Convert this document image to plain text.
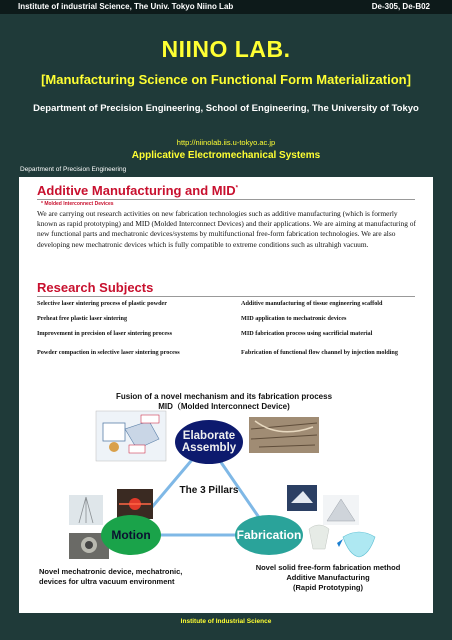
Institute of industrial Science, The Univ. Tokyo Niino Lab	De-305, De-B02
NIINO LAB.
[Manufacturing Science on Functional Form Materialization]
Department of Precision Engineering, School of Engineering, The University of Tokyo
http://niinolab.iis.u-tokyo.ac.jp
Applicative Electromechanical Systems
Department of Precision Engineering
Additive Manufacturing and MID*
* Molded Interconnect Devices
We are carrying out research activities on new fabrication technologies such as additive manufacturing (which is formerly known as rapid prototyping) and MID (Molded Interconnect Devices) and their applications. We are aiming at manufacturing of new functional parts and mechatronic devices/systems by multifunctional free-form fabrication technologies. We are also developing new mechatronic devices which is fully compatible to extreme conditions such as ultrahigh vacuum.
Research Subjects
Selective laser sintering process of plastic powder
Preheat free plastic laser sintering
Improvement in precision of laser sintering process
Powder compaction in selective laser sintering process
Additive manufacturing of tissue engineering scaffold
MID application to mechatronic devices
MID fabrication process using sacrificial material
Fabrication of functional flow channel by injection molding
Fusion of a novel mechanism and its fabrication process
MID（Molded Interconnect Device)
Elaborate
Assembly
The 3 Pillars
Motion	Fabrication
Novel mechatronic device, mechatronic,
devices for ultra vacuum environment
Novel solid free-form fabrication method
Additive Manufacturing
(Rapid Prototyping)
Institute of Industrial Science
